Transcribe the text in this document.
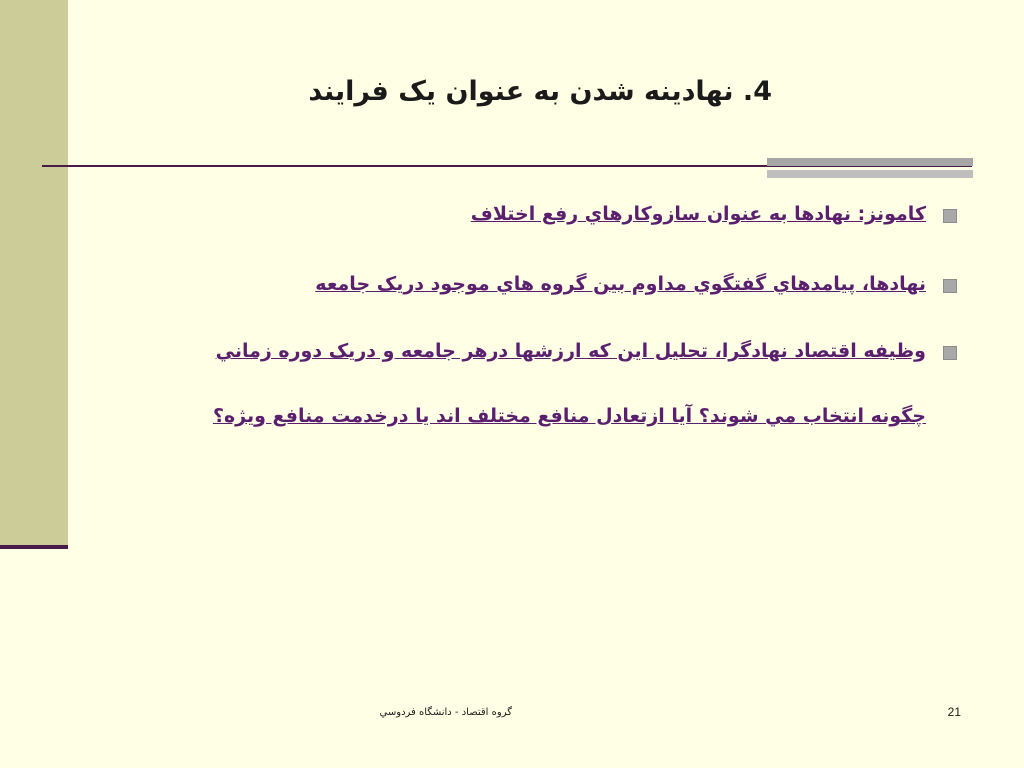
4. نهادینه شدن به عنوان یک فرایند
كامونز: نهادها به عنوان سازوكارهاي رفع اختلاف
نهادها، پیامدهاي گفتگوي مداوم بین گروه هاي موجود دريک جامعه
وظيفه اقتصاد نهادگرا، تحليل اين كه ارزشها درهر جامعه و دريک دوره زماني
چگونه انتخاب مي شوند؟ آيا ازتعادل منافع مختلف اند يا درخدمت منافع ويژه؟
گروه اقتصاد - دانشگاه فردوسي	21
